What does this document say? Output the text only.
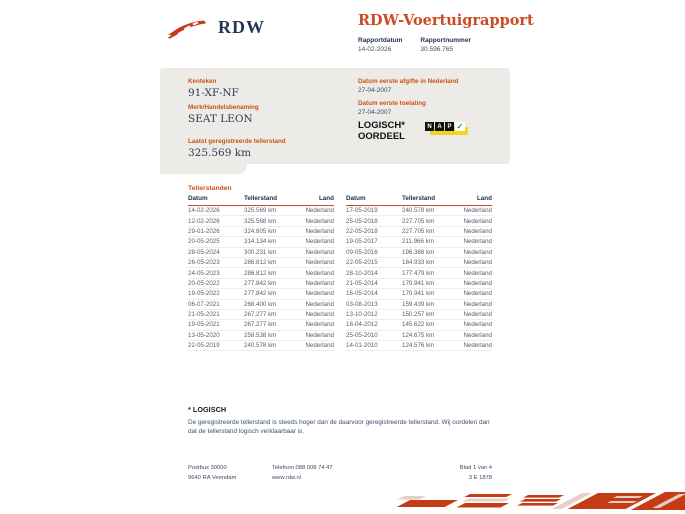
RDW	RDW-Voertuigrapport
Rapportdatum
14-02-2026
Rapportnummer
30.596.765
Kenteken
91-XF-NF
Merk/Handelsbenaming
SEAT LEON
Laatst geregistreerde tellerstand
325.569 km
Datum eerste afgifte in Nederland
27-04-2007
Datum eerste toelating
27-04-2007
LOGISCH*
OORDEEL
N A P ✓
Tellerstanden
Datum	Tellerstand	Land
14-02-2026	325.569 km	Nederland
12-02-2026	325.568 km	Nederland
29-01-2026	324.805 km	Nederland
20-05-2025	314.134 km	Nederland
28-05-2024	300.231 km	Nederland
26-05-2023	286.812 km	Nederland
24-05-2023	286.812 km	Nederland
20-05-2022	277.842 km	Nederland
19-05-2022	277.842 km	Nederland
06-07-2021	268.400 km	Nederland
21-05-2021	267.277 km	Nederland
19-05-2021	267.277 km	Nederland
13-05-2020	258.538 km	Nederland
22-05-2019	240.578 km	Nederland
Datum	Tellerstand	Land
17-05-2019	240.578 km	Nederland
25-05-2018	227.705 km	Nederland
22-05-2018	227.705 km	Nederland
19-05-2017	211.966 km	Nederland
09-05-2016	196.368 km	Nederland
22-05-2015	184.933 km	Nederland
28-10-2014	177.479 km	Nederland
21-05-2014	170.941 km	Nederland
16-05-2014	170.941 km	Nederland
03-08-2013	159.439 km	Nederland
13-10-2012	150.257 km	Nederland
18-04-2012	145.622 km	Nederland
25-05-2010	124.675 km	Nederland
14-01-2010	124.576 km	Nederland
* LOGISCH
De geregistreerde tellerstand is steeds hoger dan de daarvoor geregistreerde tellerstand. Wij oordelen dan dat de tellerstand logisch verklaarbaar is.
Postbus 30000
9640 RA Veendam
Telefoon 088 008 74 47
www.rdw.nl
Blad 1 van 4
3 E 1878
